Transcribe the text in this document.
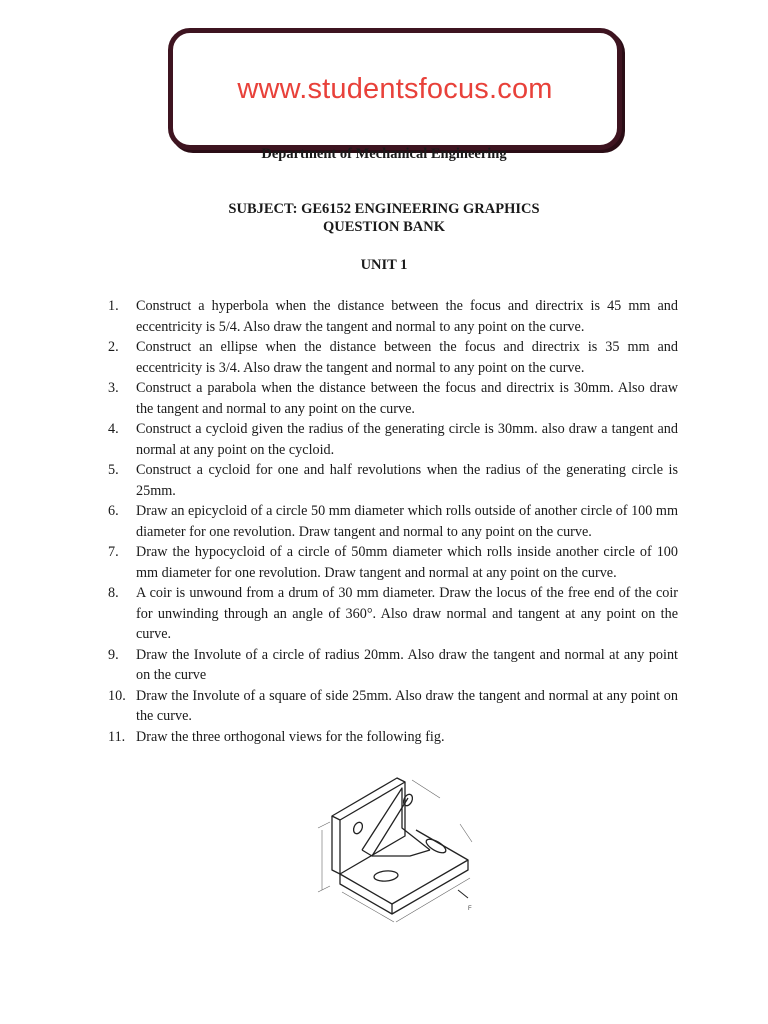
www.studentsfocus.com
Department of Mechanical Engineering
SUBJECT: GE6152 ENGINEERING GRAPHICS
QUESTION BANK
UNIT 1
1. Construct a hyperbola when the distance between the focus and directrix is 45 mm and eccentricity is 5/4. Also draw the tangent and normal to any point on the curve.
2. Construct an ellipse when the distance between the focus and directrix is 35 mm and eccentricity is 3/4. Also draw the tangent and normal to any point on the curve.
3. Construct a parabola when the distance between the focus and directrix is 30mm. Also draw the tangent and normal to any point on the curve.
4. Construct a cycloid given the radius of the generating circle is 30mm. also draw a tangent and normal at any point on the cycloid.
5. Construct a cycloid for one and half revolutions when the radius of the generating circle is 25mm.
6. Draw an epicycloid of a circle 50 mm diameter which rolls outside of another circle of 100 mm diameter for one revolution. Draw tangent and normal to any point on the curve.
7. Draw the hypocycloid of a circle of 50mm diameter which rolls inside another circle of 100 mm diameter for one revolution. Draw tangent and normal at any point on the curve.
8. A coir is unwound from a drum of 30 mm diameter. Draw the locus of the free end of the coir for unwinding through an angle of 360°. Also draw normal and tangent at any point on the curve.
9. Draw the Involute of a circle of radius 20mm. Also draw the tangent and normal at any point on the curve
10. Draw the Involute of a square of side 25mm. Also draw the tangent and normal at any point on the curve.
11. Draw the three orthogonal views for the following fig.
F
